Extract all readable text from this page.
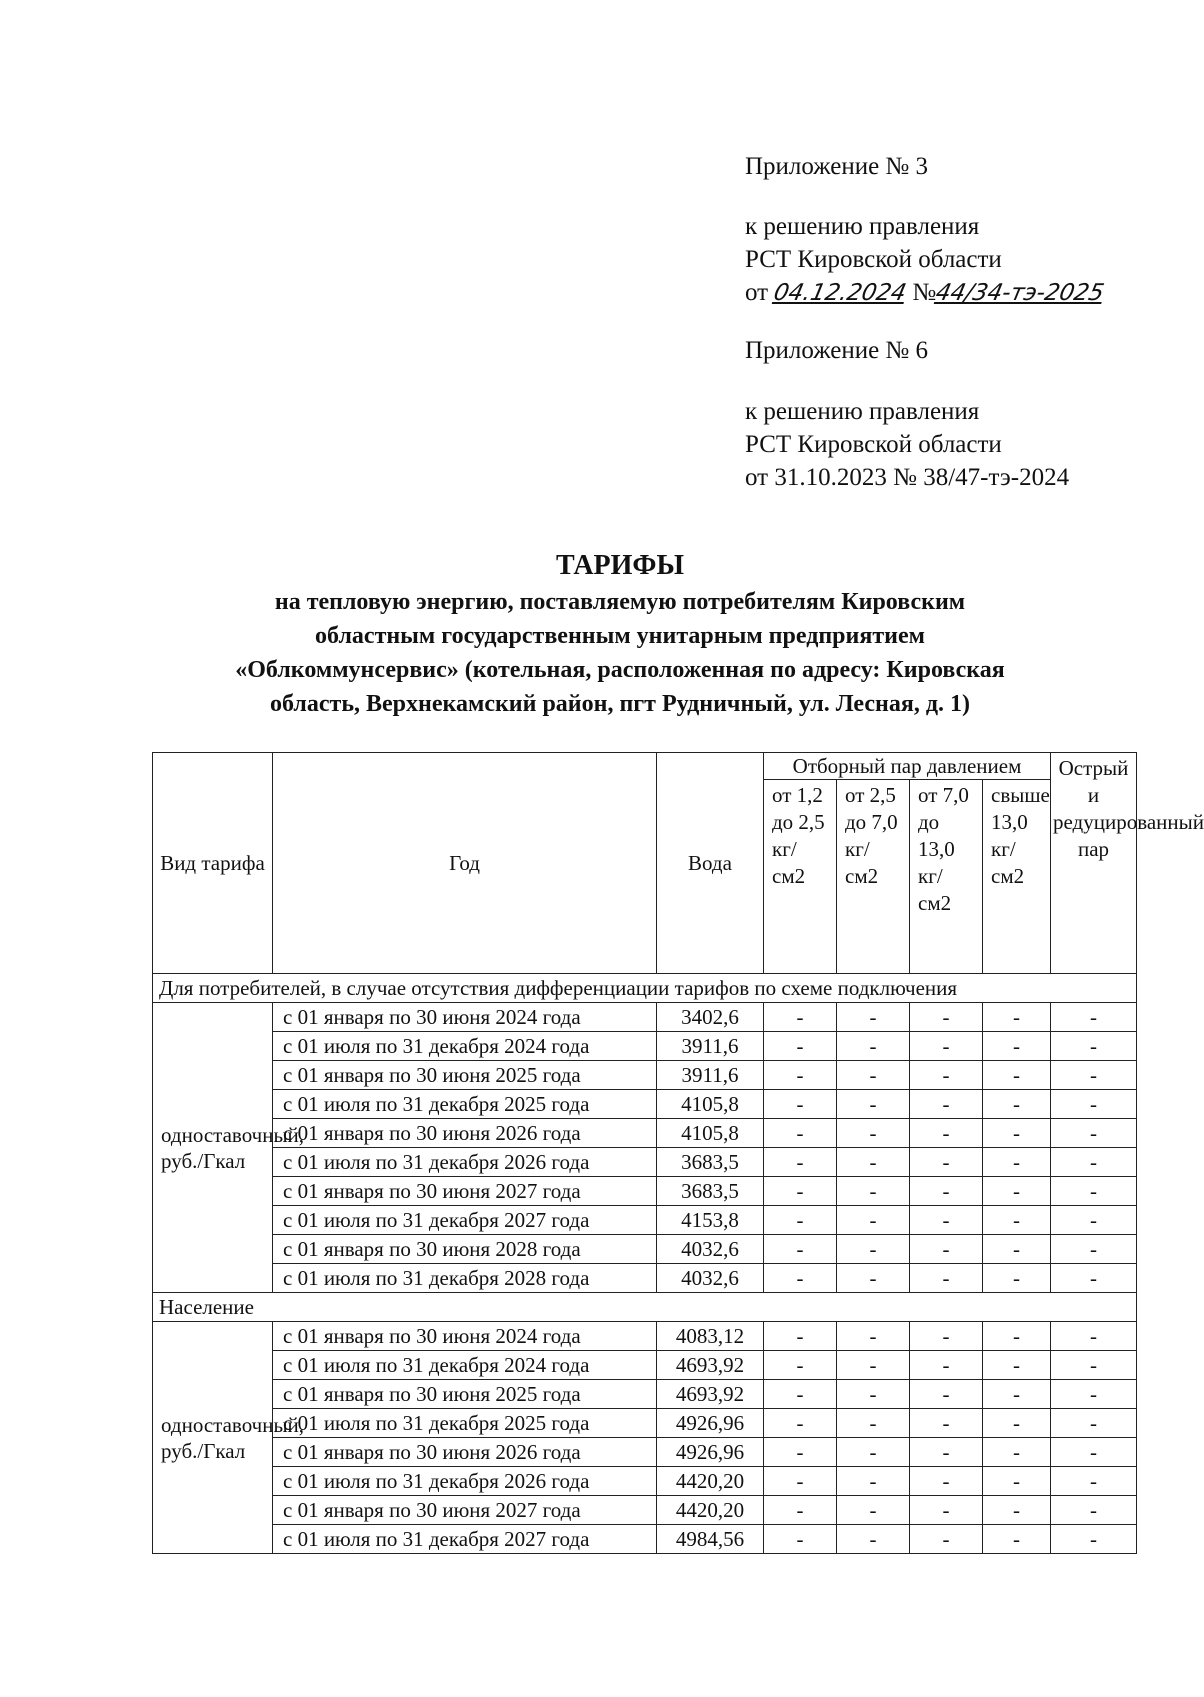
Приложение № 3
к решению правления
РСТ Кировской области
от 04.12.2024 №44/34-тэ-2025
Приложение № 6
к решению правления
РСТ Кировской области
от 31.10.2023 № 38/47-тэ-2024
ТАРИФЫ
на тепловую энергию, поставляемую потребителям Кировским
областным государственным унитарным предприятием
«Облкоммунсервис» (котельная, расположенная по адресу: Кировская
область, Верхнекамский район, пгт Рудничный, ул. Лесная, д. 1)
Вид тарифа	Год	Вода	Отборный пар давлением				Острый и редуцированный пар
			от 1,2 до 2,5 кг/см2	от 2,5 до 7,0 кг/см2	от 7,0 до 13,0 кг/см2	свыше 13,0 кг/см2	
Для потребителей, в случае отсутствия дифференциации тарифов по схеме подключения							
одноставочный, руб./Гкал	с 01 января по 30 июня 2024 года	3402,6	-	-	-	-	-
	с 01 июля по 31 декабря 2024 года	3911,6	-	-	-	-	-
	с 01 января по 30 июня 2025 года	3911,6	-	-	-	-	-
	с 01 июля по 31 декабря 2025 года	4105,8	-	-	-	-	-
	с 01 января по 30 июня 2026 года	4105,8	-	-	-	-	-
	с 01 июля по 31 декабря 2026 года	3683,5	-	-	-	-	-
	с 01 января по 30 июня 2027 года	3683,5	-	-	-	-	-
	с 01 июля по 31 декабря 2027 года	4153,8	-	-	-	-	-
	с 01 января по 30 июня 2028 года	4032,6	-	-	-	-	-
	с 01 июля по 31 декабря 2028 года	4032,6	-	-	-	-	-
Население							
одноставочный, руб./Гкал	с 01 января по 30 июня 2024 года	4083,12	-	-	-	-	-
	с 01 июля по 31 декабря 2024 года	4693,92	-	-	-	-	-
	с 01 января по 30 июня 2025 года	4693,92	-	-	-	-	-
	с 01 июля по 31 декабря 2025 года	4926,96	-	-	-	-	-
	с 01 января по 30 июня 2026 года	4926,96	-	-	-	-	-
	с 01 июля по 31 декабря 2026 года	4420,20	-	-	-	-	-
	с 01 января по 30 июня 2027 года	4420,20	-	-	-	-	-
	с 01 июля по 31 декабря 2027 года	4984,56	-	-	-	-	-
